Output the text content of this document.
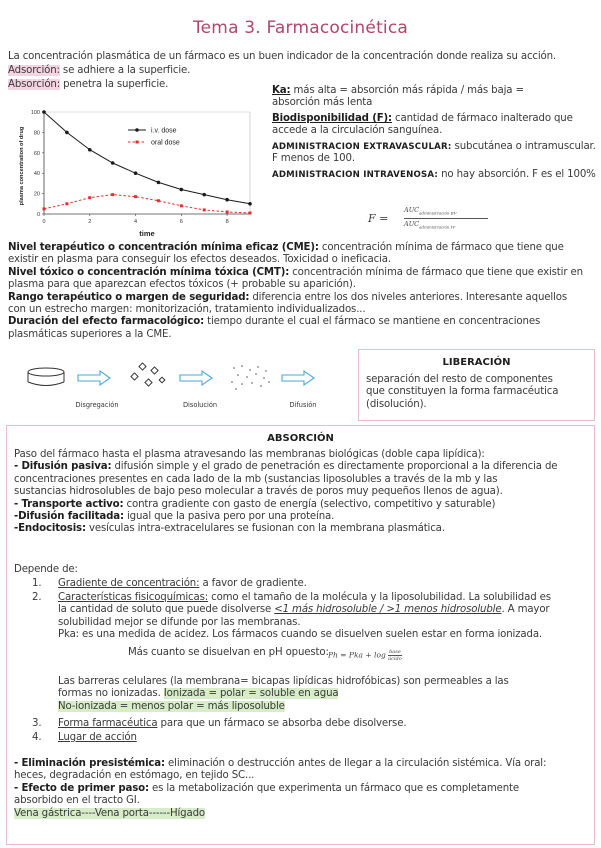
Tema 3. Farmacocinética
La concentración plasmática de un fármaco es un buen indicador de la concentración donde realiza su acción.
Adsorción: se adhiere a la superficie.
Absorción: penetra la superficie.
0
20
40
60
80
100
0	2	4	6	8
plasma concentration of drug
time
i.v. dose
oral dose
Ka: más alta = absorción más rápida / más baja =
absorción más lenta
Biodisponibilidad (F): cantidad de fármaco inalterado que
accede a la circulación sanguínea.
ADMINISTRACION EXTRAVASCULAR: subcutánea o intramuscular.
F menos de 100.
ADMINISTRACION INTRAVENOSA: no hay absorción. F es el 100%
F =
$AUC_{administración EV}$
$AUC_{administración IV}$
Nivel terapéutico o concentración mínima eficaz (CME): concentración mínima de fármaco que tiene que
existir en plasma para conseguir los efectos deseados. Toxicidad o ineficacia.
Nivel tóxico o concentración mínima tóxica (CMT): concentración mínima de fármaco que tiene que existir en
plasma para que aparezcan efectos tóxicos (+ probable su aparición).
Rango terapéutico o margen de seguridad: diferencia entre los dos niveles anteriores. Interesante aquellos
con un estrecho margen: monitorización, tratamiento individualizados...
Duración del efecto farmacológico: tiempo durante el cual el fármaco se mantiene en concentraciones
plasmáticas superiores a la CME.
Disgregación	Disolución	Difusión
LIBERACIÓN
separación del resto de componentes
que constituyen la forma farmacéutica
(disolución).
ABSORCIÓN
Paso del fármaco hasta el plasma atravesando las membranas biológicas (doble capa lipídica):
- Difusión pasiva: difusión simple y el grado de penetración es directamente proporcional a la diferencia de
concentraciones presentes en cada lado de la mb (sustancias liposolubles a través de la mb y las
sustancias hidrosolubles de bajo peso molecular a través de poros muy pequeños llenos de agua).
- Transporte activo: contra gradiente con gasto de energía (selectivo, competitivo y saturable)
-Difusión facilitada: igual que la pasiva pero por una proteína.
-Endocitosis: vesículas intra-extracelulares se fusionan con la membrana plasmática.
Depende de:
1. Gradiente de concentración: a favor de gradiente.
2. Características fisicoquímicas: como el tamaño de la molécula y la liposolubilidad. La solubilidad es
la cantidad de soluto que puede disolverse <1 más hidrosoluble / >1 menos hidrosoluble. A mayor
solubilidad mejor se difunde por las membranas.
Pka: es una medida de acidez. Los fármacos cuando se disuelven suelen estar en forma ionizada.
Más cuanto se disuelvan en pH opuesto: Ph = Pka + log base
ácido
Las barreras celulares (la membrana= bicapas lipídicas hidrofóbicas) son permeables a las
formas no ionizadas. Ionizada = polar = soluble en agua
No-ionizada = menos polar = más liposoluble
3. Forma farmacéutica para que un fármaco se absorba debe disolverse.
4. Lugar de acción
- Eliminación presistémica: eliminación o destrucción antes de llegar a la circulación sistémica. Vía oral:
heces, degradación en estómago, en tejido SC...
- Efecto de primer paso: es la metabolización que experimenta un fármaco que es completamente
absorbido en el tracto GI.
Vena gástrica----Vena porta------Hígado
